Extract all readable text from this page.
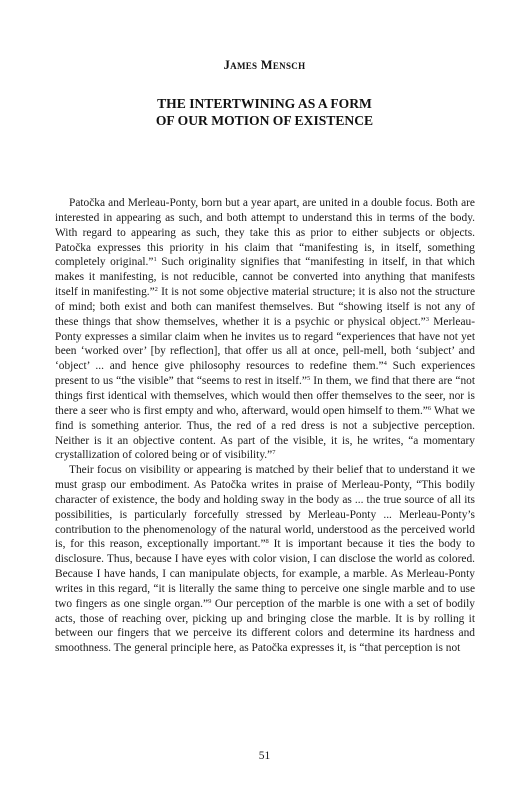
James Mensch
THE INTERTWINING AS A FORM
OF OUR MOTION OF EXISTENCE

Patočka and Merleau-Ponty, born but a year apart, are united in a double focus. Both are interested in appearing as such, and both attempt to understand this in terms of the body. With regard to appearing as such, they take this as prior to either subjects or objects. Patočka expresses this priority in his claim that “manifesting is, in itself, something completely original.”$^1$ Such originality signifies that “manifesting in itself, in that which makes it manifesting, is not reducible, cannot be converted into anything that manifests itself in manifesting.”$^2$ It is not some objective material structure; it is also not the structure of mind; both exist and both can manifest themselves. But “showing itself is not any of these things that show themselves, whether it is a psychic or physical object.”$^3$ Merleau-Ponty expresses a similar claim when he invites us to regard “experiences that have not yet been ‘worked over’ [by reflection], that offer us all at once, pell-mell, both ‘subject’ and ‘object’ ... and hence give philosophy resources to redefine them.”$^4$ Such experiences present to us “the visible” that “seems to rest in itself.”$^5$ In them, we find that there are “not things first identical with themselves, which would then offer themselves to the seer, nor is there a seer who is first empty and who, afterward, would open himself to them.”$^6$ What we find is something anterior. Thus, the red of a red dress is not a subjective perception. Neither is it an objective content. As part of the visible, it is, he writes, “a momentary crystallization of colored being or of visibility.”$^7$

Their focus on visibility or appearing is matched by their belief that to understand it we must grasp our embodiment. As Patočka writes in praise of Merleau-Ponty, “This bodily character of existence, the body and holding sway in the body as ... the true source of all its possibilities, is particularly forcefully stressed by Merleau-Ponty ... Merleau-Ponty’s contribution to the phenomenology of the natural world, understood as the perceived world is, for this reason, exceptionally important.”$^8$ It is important because it ties the body to disclosure. Thus, because I have eyes with color vision, I can disclose the world as colored. Because I have hands, I can manipulate objects, for example, a marble. As Merleau-Ponty writes in this regard, “it is literally the same thing to perceive one single marble and to use two fingers as one single organ.”$^9$ Our perception of the marble is one with a set of bodily acts, those of reaching over, picking up and bringing close the marble. It is by rolling it between our fingers that we perceive its different colors and determine its hardness and smoothness. The general principle here, as Patočka expresses it, is “that perception is not

51
